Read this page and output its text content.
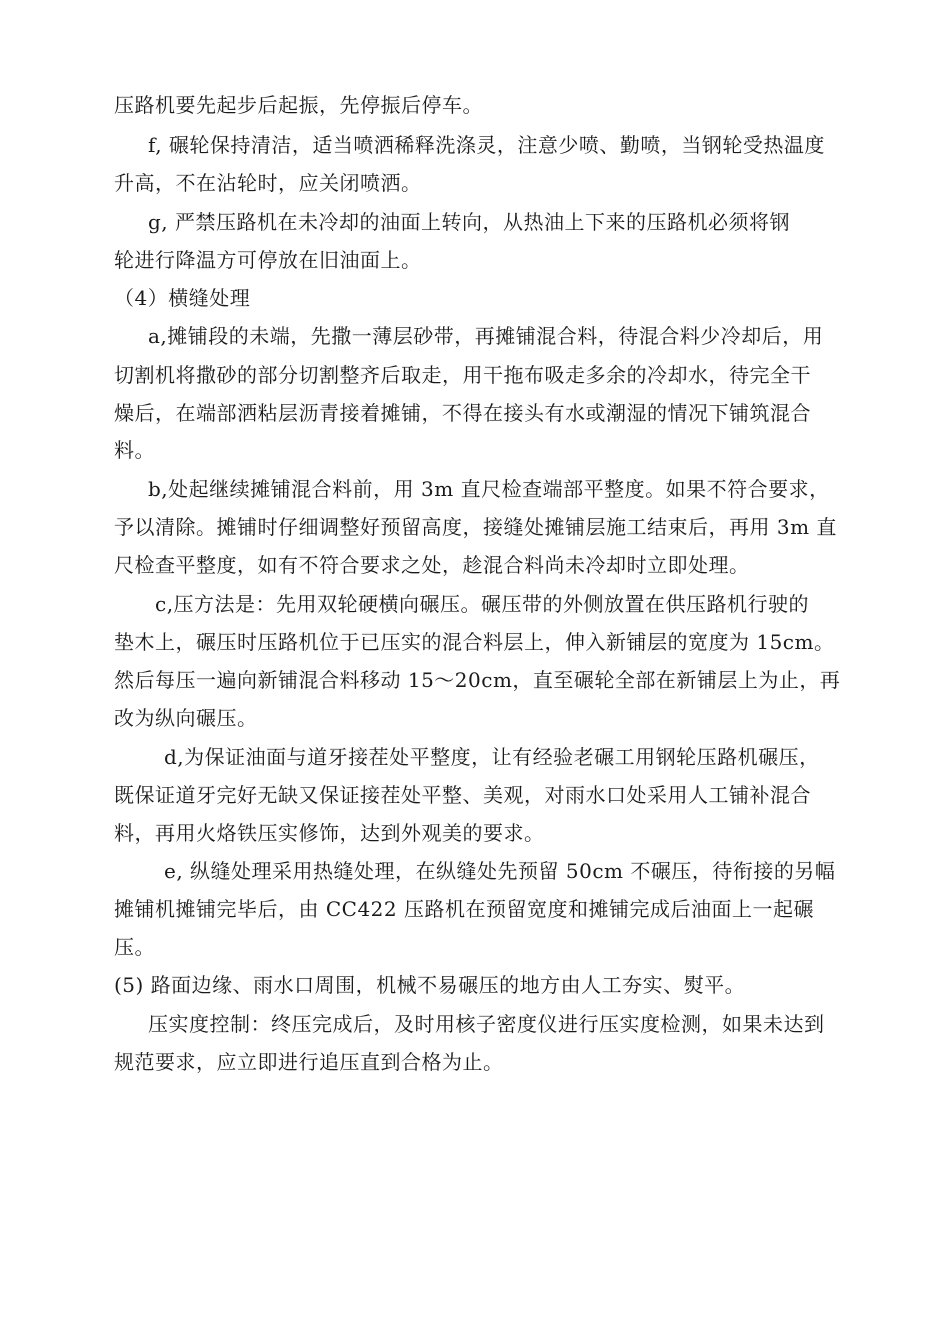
压路机要先起步后起振，先停振后停车。
f, 碾轮保持清洁，适当喷洒稀释洗涤灵，注意少喷、勤喷，当钢轮受热温度
升高，不在沾轮时，应关闭喷洒。
g, 严禁压路机在未冷却的油面上转向，从热油上下来的压路机必须将钢
轮进行降温方可停放在旧油面上。
（4）横缝处理
a,摊铺段的未端，先撒一薄层砂带，再摊铺混合料，待混合料少冷却后，用
切割机将撒砂的部分切割整齐后取走，用干拖布吸走多余的冷却水，待完全干
燥后，在端部洒粘层沥青接着摊铺，不得在接头有水或潮湿的情况下铺筑混合
料。
b,处起继续摊铺混合料前，用 3m 直尺检查端部平整度。如果不符合要求，
予以清除。摊铺时仔细调整好预留高度，接缝处摊铺层施工结束后，再用 3m 直
尺检查平整度，如有不符合要求之处，趁混合料尚未冷却时立即处理。
c,压方法是：先用双轮硬横向碾压。碾压带的外侧放置在供压路机行驶的
垫木上，碾压时压路机位于已压实的混合料层上，伸入新铺层的宽度为 15cm。
然后每压一遍向新铺混合料移动 15～20cm，直至碾轮全部在新铺层上为止，再
改为纵向碾压。
d,为保证油面与道牙接茬处平整度，让有经验老碾工用钢轮压路机碾压，
既保证道牙完好无缺又保证接茬处平整、美观，对雨水口处采用人工铺补混合
料，再用火烙铁压实修饰，达到外观美的要求。
e, 纵缝处理采用热缝处理，在纵缝处先预留 50cm 不碾压，待衔接的另幅
摊铺机摊铺完毕后，由 CC422 压路机在预留宽度和摊铺完成后油面上一起碾
压。
(5) 路面边缘、雨水口周围，机械不易碾压的地方由人工夯实、熨平。
压实度控制：终压完成后，及时用核子密度仪进行压实度检测，如果未达到
规范要求，应立即进行追压直到合格为止。
